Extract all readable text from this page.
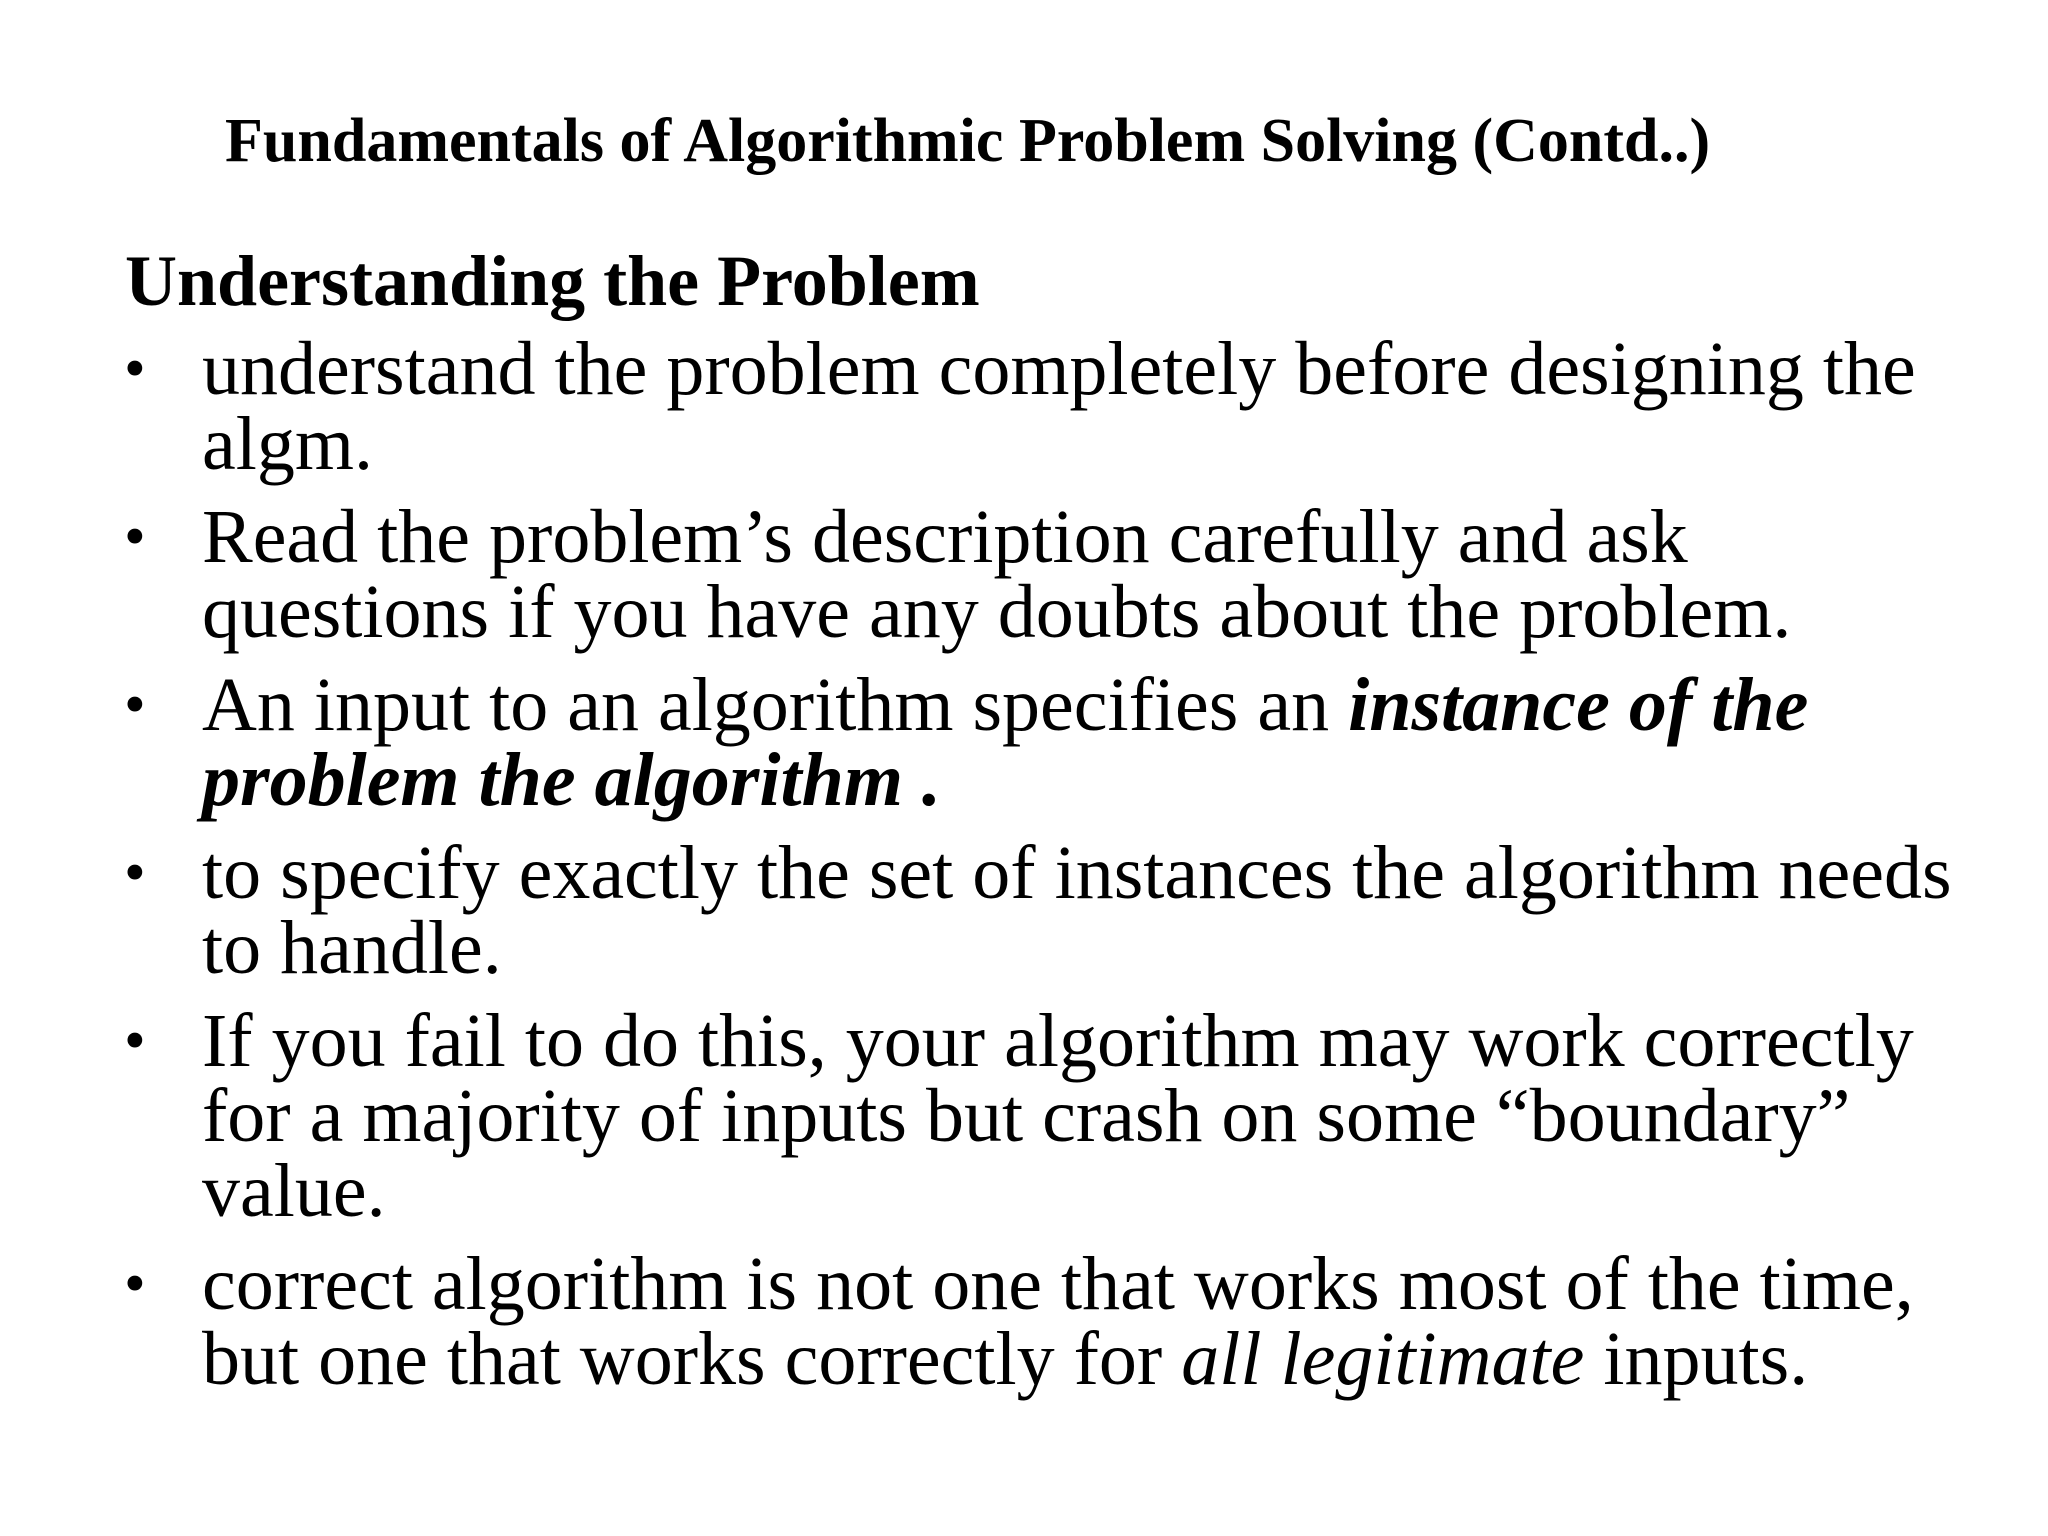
Fundamentals of Algorithmic Problem Solving (Contd..)
Understanding the Problem
• understand the problem completely before designing the algm.
• Read the problem’s description carefully and ask questions if you have any doubts about the problem.
• An input to an algorithm specifies an instance of the problem the algorithm .
• to specify exactly the set of instances the algorithm needs to handle.
• If you fail to do this, your algorithm may work correctly for a majority of inputs but crash on some “boundary” value.
• correct algorithm is not one that works most of the time, but one that works correctly for all legitimate inputs.
